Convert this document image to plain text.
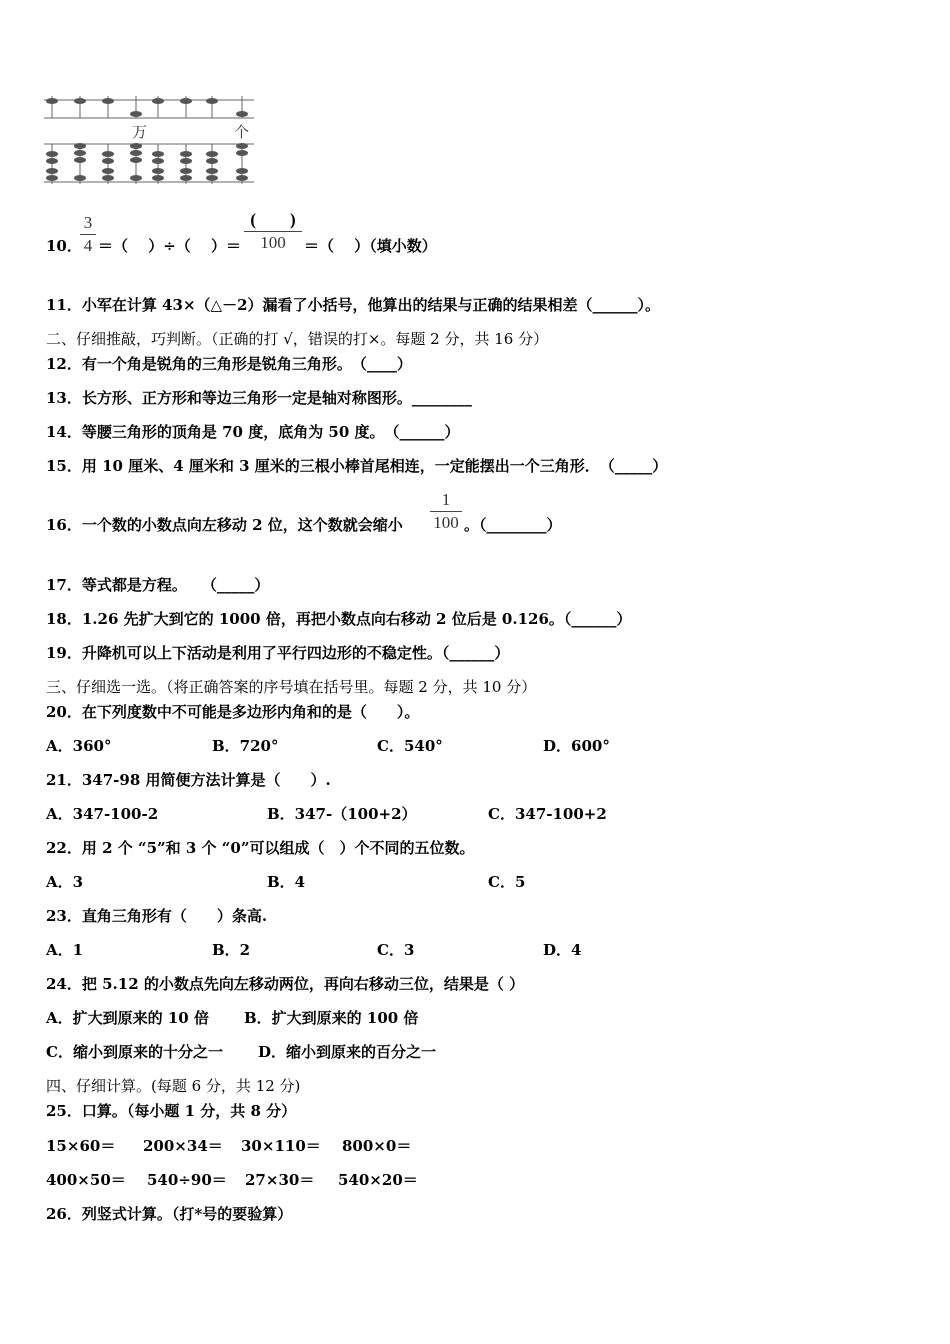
万	个
10．
3
4 ＝（　 ）÷（　 ）＝
(　　)
100	＝（　 ）（填小数）
11．小军在计算 43×（△－2）漏看了小括号，他算出的结果与正确的结果相差（______）。
二、仔细推敲，巧判断。（正确的打 √，错误的打×。每题 2 分，共 16 分）
12．有一个角是锐角的三角形是锐角三角形。　（____）
13．长方形、正方形和等边三角形一定是轴对称图形。________
14．等腰三角形的顶角是 70 度，底角为 50 度。　（______）
15．用 10 厘米、4 厘米和 3 厘米的三根小棒首尾相连，一定能摆出一个三角形．　（_____）
16．一个数的小数点向左移动 2 位，这个数就会缩小
1
100 。（________）
17．等式都是方程。　　（_____）
18．1.26 先扩大到它的 1000 倍，再把小数点向右移动 2 位后是 0.126。（______）
19．升降机可以上下活动是利用了平行四边形的不稳定性。（______）
三、仔细选一选。（将正确答案的序号填在括号里。每题 2 分，共 10 分）
20．在下列度数中不可能是多边形内角和的是（　　）。
A．360°	B．720°	C．540°	D．600°
21．347-98 用简便方法计算是（　　）.
A．347-100-2	B．347-（100+2）	C．347-100+2
22．用 2 个 “5”和 3 个 “0”可以组成（　）个不同的五位数。
A．3	B．4	C．5
23．直角三角形有（　　）条高.
A．1	B．2	C．3	D．4
24．把 5.12 的小数点先向左移动两位，再向右移动三位，结果是（ ）
A．扩大到原来的 10 倍 B．扩大到原来的 100 倍
C．缩小到原来的十分之一 D．缩小到原来的百分之一
四、仔细计算。(每题 6 分，共 12 分)
25．口算。（每小题 1 分，共 8 分）
15×60＝ 200×34＝ 30×110＝ 800×0＝
400×50＝ 540÷90＝ 27×30＝ 540×20＝
26．列竖式计算。（打*号的要验算）
